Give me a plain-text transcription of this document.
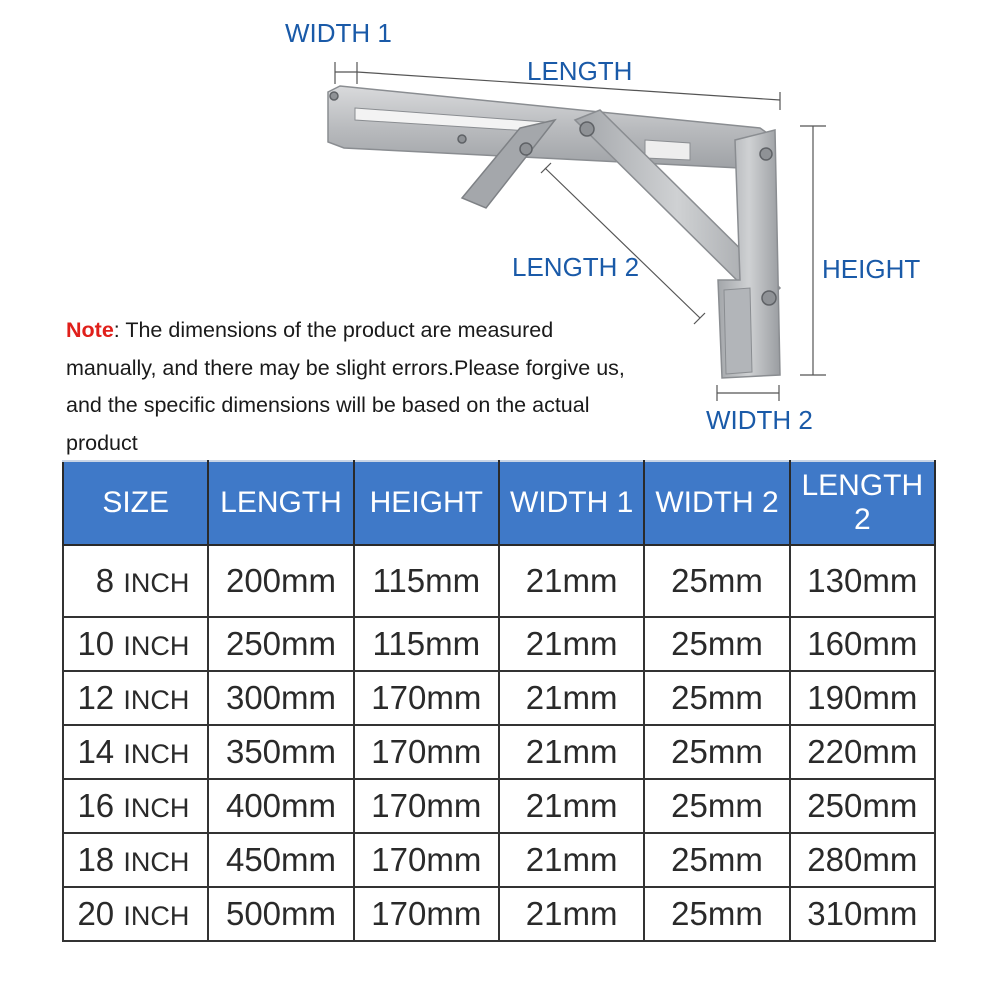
WIDTH 1
LENGTH
LENGTH 2	HEIGHT
WIDTH 2
Note: The dimensions of the product are measured manually, and there may be slight errors.Please forgive us, and the specific dimensions will be based on the actual product
SIZE	LENGTH	HEIGHT	WIDTH 1	WIDTH 2	LENGTH 2
8 INCH	200mm	115mm	21mm	25mm	130mm
10 INCH	250mm	115mm	21mm	25mm	160mm
12 INCH	300mm	170mm	21mm	25mm	190mm
14 INCH	350mm	170mm	21mm	25mm	220mm
16 INCH	400mm	170mm	21mm	25mm	250mm
18 INCH	450mm	170mm	21mm	25mm	280mm
20 INCH	500mm	170mm	21mm	25mm	310mm
